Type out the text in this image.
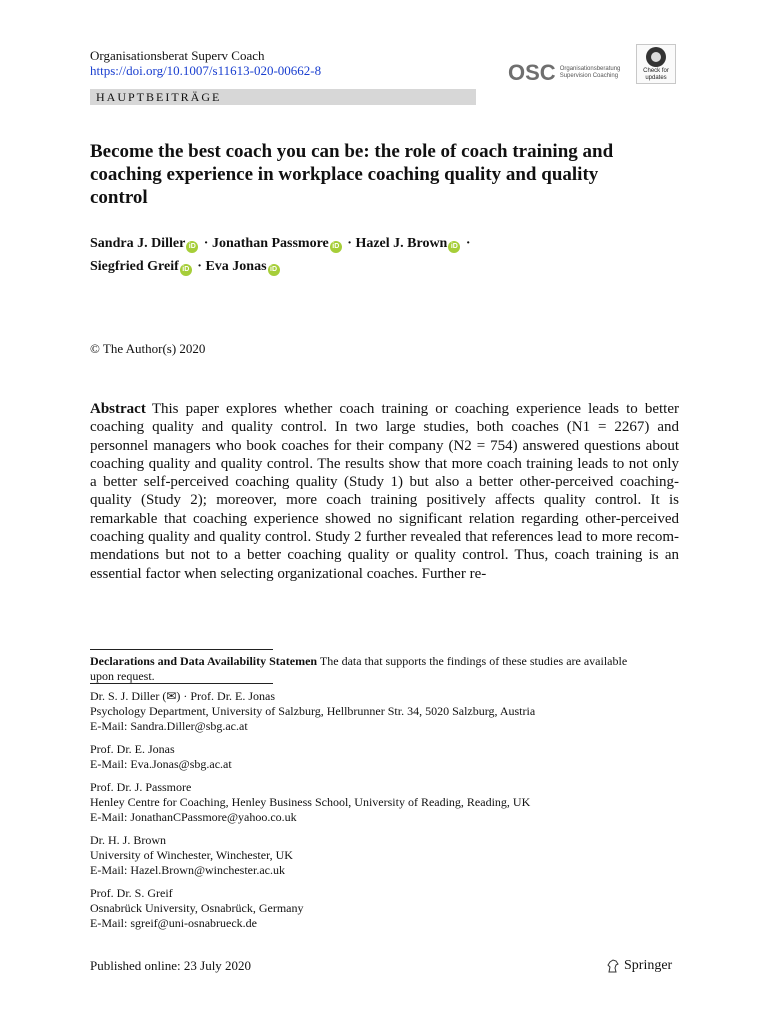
Organisationsberat Superv Coach
https://doi.org/10.1007/s11613-020-00662-8
HAUPTBEITRÄGE
OSC Organisationsberatung
Supervision Coaching
Check for
updates
Become the best coach you can be: the role of coach training and coaching experience in workplace coaching quality and quality control
Sandra J. Diller iD · Jonathan Passmore iD · Hazel J. Brown iD ·
Siegfried Greif iD · Eva Jonas iD
© The Author(s) 2020
Abstract This paper explores whether coach training or coaching experience leads to better coaching quality and quality control. In two large studies, both coaches (N1 = 2267) and personnel managers who book coaches for their company (N2 = 754) answered questions about coaching quality and quality control. The results show that more coach training leads to not only a better self-perceived coaching quality (Study 1) but also a better other-perceived coaching-quality (Study 2); moreover, more coach training positively affects quality control. It is remarkable that coaching experience showed no significant relation regarding other-perceived coaching quality and quality control. Study 2 further revealed that references lead to more recommendations but not to a better coaching quality or quality control. Thus, coach training is an essential factor when selecting organizational coaches. Further re-
Declarations and Data Availability Statemen The data that supports the findings of these studies are available upon request.
Dr. S. J. Diller (✉) · Prof. Dr. E. Jonas
Psychology Department, University of Salzburg, Hellbrunner Str. 34, 5020 Salzburg, Austria
E-Mail: Sandra.Diller@sbg.ac.at
Prof. Dr. E. Jonas
E-Mail: Eva.Jonas@sbg.ac.at
Prof. Dr. J. Passmore
Henley Centre for Coaching, Henley Business School, University of Reading, Reading, UK
E-Mail: JonathanCPassmore@yahoo.co.uk
Dr. H. J. Brown
University of Winchester, Winchester, UK
E-Mail: Hazel.Brown@winchester.ac.uk
Prof. Dr. S. Greif
Osnabrück University, Osnabrück, Germany
E-Mail: sgreif@uni-osnabrueck.de
Published online: 23 July 2020	Springer
